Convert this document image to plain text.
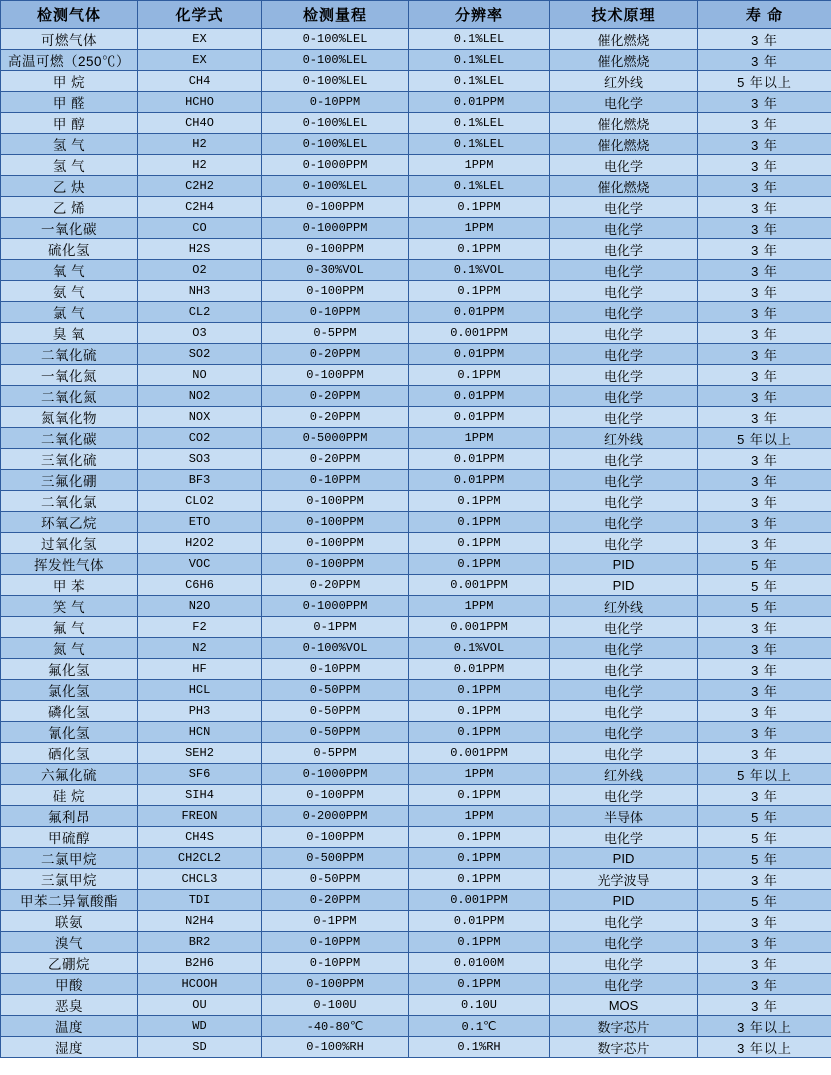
检测气体	化学式	检测量程	分辨率	技术原理	寿 命
可燃气体	EX	0-100%LEL	0.1%LEL	催化燃烧	3 年
高温可燃（250℃）	EX	0-100%LEL	0.1%LEL	催化燃烧	3 年
甲 烷	CH4	0-100%LEL	0.1%LEL	红外线	5 年以上
甲 醛	HCHO	0-10PPM	0.01PPM	电化学	3 年
甲 醇	CH4O	0-100%LEL	0.1%LEL	催化燃烧	3 年
氢 气	H2	0-100%LEL	0.1%LEL	催化燃烧	3 年
氢 气	H2	0-1000PPM	1PPM	电化学	3 年
乙 炔	C2H2	0-100%LEL	0.1%LEL	催化燃烧	3 年
乙 烯	C2H4	0-100PPM	0.1PPM	电化学	3 年
一氧化碳	CO	0-1000PPM	1PPM	电化学	3 年
硫化氢	H2S	0-100PPM	0.1PPM	电化学	3 年
氧 气	O2	0-30%VOL	0.1%VOL	电化学	3 年
氨 气	NH3	0-100PPM	0.1PPM	电化学	3 年
氯 气	CL2	0-10PPM	0.01PPM	电化学	3 年
臭 氧	O3	0-5PPM	0.001PPM	电化学	3 年
二氧化硫	SO2	0-20PPM	0.01PPM	电化学	3 年
一氧化氮	NO	0-100PPM	0.1PPM	电化学	3 年
二氧化氮	NO2	0-20PPM	0.01PPM	电化学	3 年
氮氧化物	NOX	0-20PPM	0.01PPM	电化学	3 年
二氧化碳	CO2	0-5000PPM	1PPM	红外线	5 年以上
三氧化硫	SO3	0-20PPM	0.01PPM	电化学	3 年
三氟化硼	BF3	0-10PPM	0.01PPM	电化学	3 年
二氧化氯	CLO2	0-100PPM	0.1PPM	电化学	3 年
环氧乙烷	ETO	0-100PPM	0.1PPM	电化学	3 年
过氧化氢	H2O2	0-100PPM	0.1PPM	电化学	3 年
挥发性气体	VOC	0-100PPM	0.1PPM	PID	5 年
甲 苯	C6H6	0-20PPM	0.001PPM	PID	5 年
笑 气	N2O	0-1000PPM	1PPM	红外线	5 年
氟 气	F2	0-1PPM	0.001PPM	电化学	3 年
氮 气	N2	0-100%VOL	0.1%VOL	电化学	3 年
氟化氢	HF	0-10PPM	0.01PPM	电化学	3 年
氯化氢	HCL	0-50PPM	0.1PPM	电化学	3 年
磷化氢	PH3	0-50PPM	0.1PPM	电化学	3 年
氰化氢	HCN	0-50PPM	0.1PPM	电化学	3 年
硒化氢	SEH2	0-5PPM	0.001PPM	电化学	3 年
六氟化硫	SF6	0-1000PPM	1PPM	红外线	5 年以上
硅 烷	SIH4	0-100PPM	0.1PPM	电化学	3 年
氟利昂	FREON	0-2000PPM	1PPM	半导体	5 年
甲硫醇	CH4S	0-100PPM	0.1PPM	电化学	5 年
二氯甲烷	CH2CL2	0-500PPM	0.1PPM	PID	5 年
三氯甲烷	CHCL3	0-50PPM	0.1PPM	光学波导	3 年
甲苯二异氰酸酯	TDI	0-20PPM	0.001PPM	PID	5 年
联氨	N2H4	0-1PPM	0.01PPM	电化学	3 年
溴气	BR2	0-10PPM	0.1PPM	电化学	3 年
乙硼烷	B2H6	0-10PPM	0.0100M	电化学	3 年
甲酸	HCOOH	0-100PPM	0.1PPM	电化学	3 年
恶臭	OU	0-100U	0.10U	MOS	3 年
温度	WD	-40-80℃	0.1℃	数字芯片	3 年以上
湿度	SD	0-100%RH	0.1%RH	数字芯片	3 年以上
